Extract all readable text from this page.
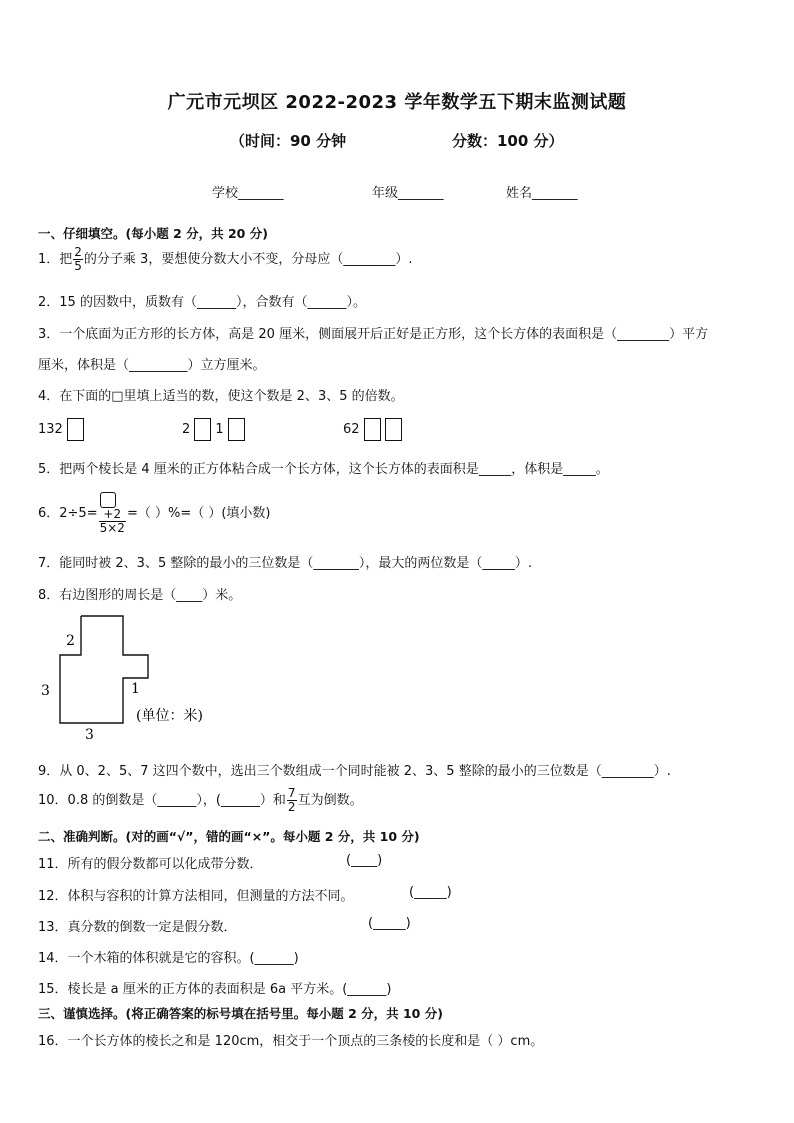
广元市元坝区 2022-2023 学年数学五下期末监测试题
（时间：90 分钟	分数：100 分）
学校_______	年级_______	姓名_______
一、仔细填空。(每小题 2 分，共 20 分)
1．把 $\frac{2}{5}$ 的分子乘 3，要想使分数大小不变，分母应（________）.
2．15 的因数中，质数有（______），合数有（______）。
3．一个底面为正方形的长方体，高是 20 厘米，侧面展开后正好是正方形，这个长方体的表面积是（________）平方
厘米，体积是（_________）立方厘米。
4．在下面的□里填上适当的数，使这个数是 2、3、5 的倍数。
132	2 1	62
5．把两个棱长是 4 厘米的正方体粘合成一个长方体，这个长方体的表面积是_____，体积是_____。
6．$2\div 5= \frac{+2}{5\times 2}$ =（ ）%=（ ）(填小数)
7．能同时被 2、3、5 整除的最小的三位数是（_______），最大的两位数是（_____）.
8．右边图形的周长是（____）米。
2
3	1
3
(单位：米)
9．从 0、2、5、7 这四个数中，选出三个数组成一个同时能被 2、3、5 整除的最小的三位数是（________）.
10．0.8 的倒数是（______），(______）和 $\frac{7}{2}$ 互为倒数。
二、准确判断。(对的画“√”，错的画“×”。每小题 2 分，共 10 分)
11．所有的假分数都可以化成带分数．	(____)
12．体积与容积的计算方法相同，但测量的方法不同。	(_____)
13．真分数的倒数一定是假分数．	(_____)
14．一个木箱的体积就是它的容积。(______)
15．棱长是 a 厘米的正方体的表面积是 6a 平方米。(______)
三、谨慎选择。(将正确答案的标号填在括号里。每小题 2 分，共 10 分)
16．一个长方体的棱长之和是 120cm，相交于一个顶点的三条棱的长度和是（ ）cm。
